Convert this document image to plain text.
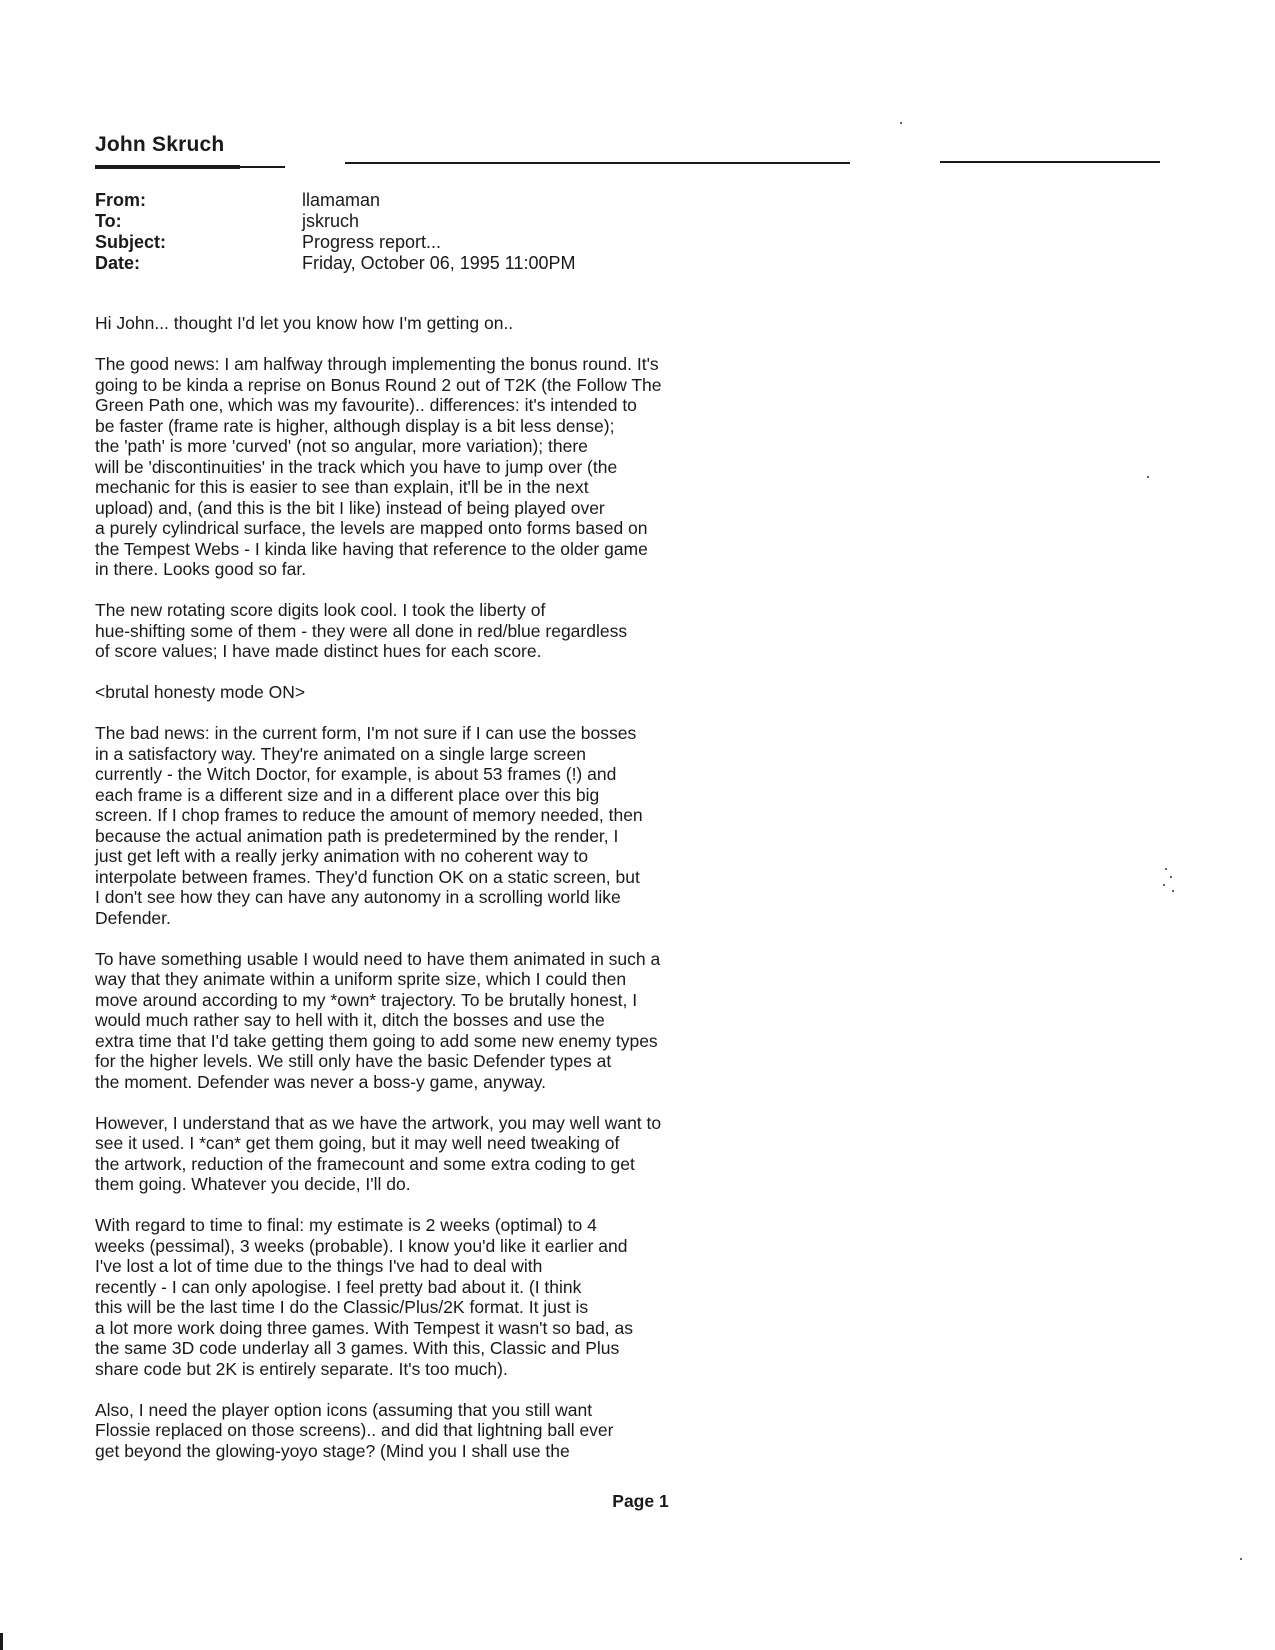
John Skruch
From:	llamaman
To:	jskruch
Subject:	Progress report...
Date:	Friday, October 06, 1995 11:00PM

Hi John... thought I'd let you know how I'm getting on..

The good news: I am halfway through implementing the bonus round. It's
going to be kinda a reprise on Bonus Round 2 out of T2K (the Follow The
Green Path one, which was my favourite).. differences: it's intended to
be faster (frame rate is higher, although display is a bit less dense);
the 'path' is more 'curved' (not so angular, more variation); there
will be 'discontinuities' in the track which you have to jump over (the
mechanic for this is easier to see than explain, it'll be in the next
upload) and, (and this is the bit I like) instead of being played over
a purely cylindrical surface, the levels are mapped onto forms based on
the Tempest Webs - I kinda like having that reference to the older game
in there. Looks good so far.

The new rotating score digits look cool. I took the liberty of
hue-shifting some of them - they were all done in red/blue regardless
of score values; I have made distinct hues for each score.

<brutal honesty mode ON>

The bad news: in the current form, I'm not sure if I can use the bosses
in a satisfactory way. They're animated on a single large screen
currently - the Witch Doctor, for example, is about 53 frames (!) and
each frame is a different size and in a different place over this big
screen. If I chop frames to reduce the amount of memory needed, then
because the actual animation path is predetermined by the render, I
just get left with a really jerky animation with no coherent way to
interpolate between frames. They'd function OK on a static screen, but
I don't see how they can have any autonomy in a scrolling world like
Defender.

To have something usable I would need to have them animated in such a
way that they animate within a uniform sprite size, which I could then
move around according to my *own* trajectory. To be brutally honest, I
would much rather say to hell with it, ditch the bosses and use the
extra time that I'd take getting them going to add some new enemy types
for the higher levels. We still only have the basic Defender types at
the moment. Defender was never a boss-y game, anyway.

However, I understand that as we have the artwork, you may well want to
see it used. I *can* get them going, but it may well need tweaking of
the artwork, reduction of the framecount and some extra coding to get
them going. Whatever you decide, I'll do.

With regard to time to final: my estimate is 2 weeks (optimal) to 4
weeks (pessimal), 3 weeks (probable). I know you'd like it earlier and
I've lost a lot of time due to the things I've had to deal with
recently - I can only apologise. I feel pretty bad about it. (I think
this will be the last time I do the Classic/Plus/2K format. It just is
a lot more work doing three games. With Tempest it wasn't so bad, as
the same 3D code underlay all 3 games. With this, Classic and Plus
share code but 2K is entirely separate. It's too much).

Also, I need the player option icons (assuming that you still want
Flossie replaced on those screens).. and did that lightning ball ever
get beyond the glowing-yoyo stage? (Mind you I shall use the

Page 1
